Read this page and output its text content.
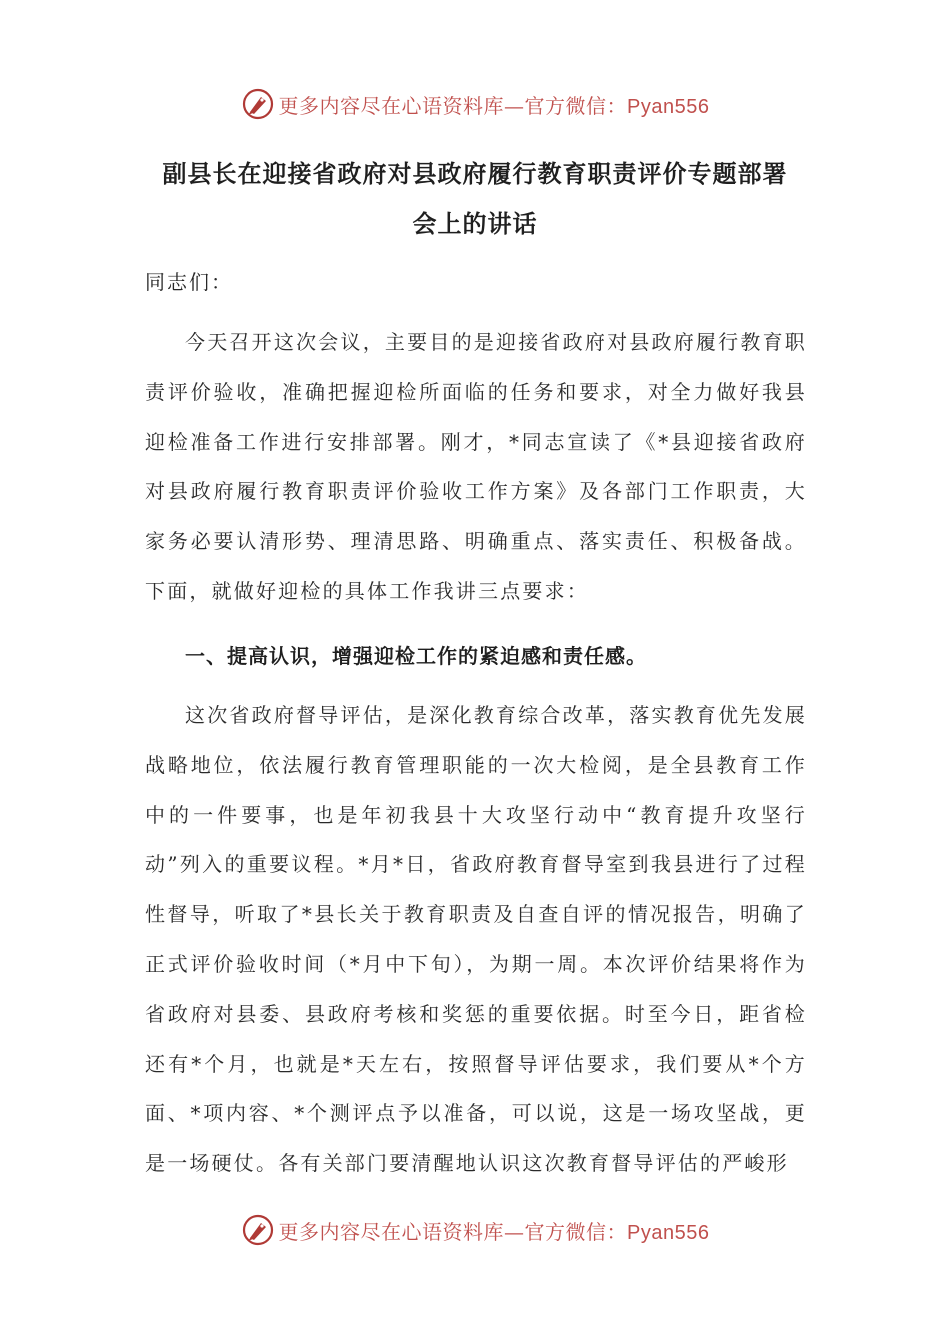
更多内容尽在心语资料库—官方微信：Pyan556
副县长在迎接省政府对县政府履行教育职责评价专题部署
会上的讲话

同志们：

今天召开这次会议，主要目的是迎接省政府对县政府履行教育职责评价验收，准确把握迎检所面临的任务和要求，对全力做好我县迎检准备工作进行安排部署。刚才，*同志宣读了《*县迎接省政府对县政府履行教育职责评价验收工作方案》及各部门工作职责，大家务必要认清形势、理清思路、明确重点、落实责任、积极备战。下面，就做好迎检的具体工作我讲三点要求：

一、提高认识，增强迎检工作的紧迫感和责任感。

这次省政府督导评估，是深化教育综合改革，落实教育优先发展战略地位，依法履行教育管理职能的一次大检阅，是全县教育工作中的一件要事，也是年初我县十大攻坚行动中“教育提升攻坚行动”列入的重要议程。*月*日，省政府教育督导室到我县进行了过程性督导，听取了*县长关于教育职责及自查自评的情况报告，明确了正式评价验收时间（*月中下旬），为期一周。本次评价结果将作为省政府对县委、县政府考核和奖惩的重要依据。时至今日，距省检还有*个月，也就是*天左右，按照督导评估要求，我们要从*个方面、*项内容、*个测评点予以准备，可以说，这是一场攻坚战，更是一场硬仗。各有关部门要清醒地认识这次教育督导评估的严峻形

更多内容尽在心语资料库—官方微信：Pyan556
